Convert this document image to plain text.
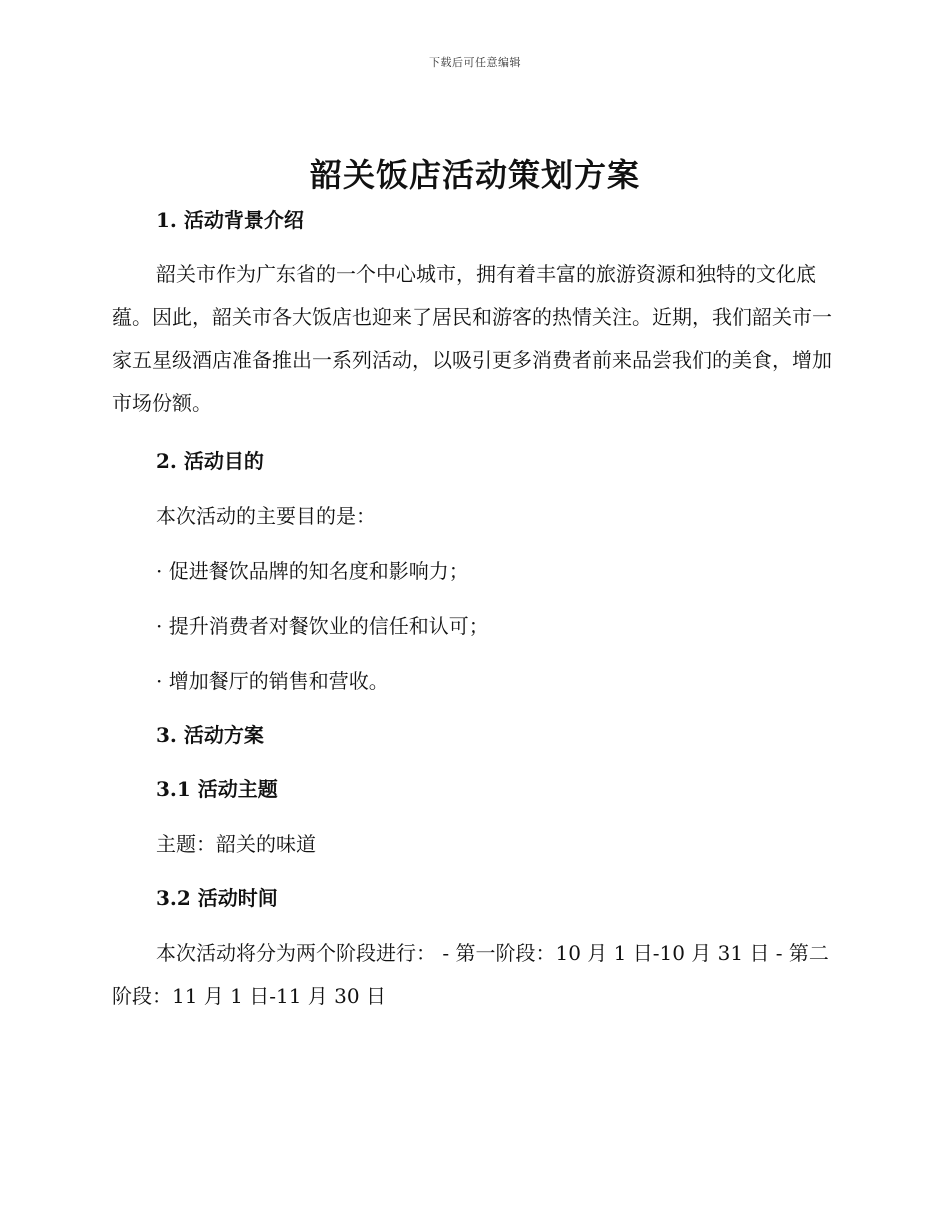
下载后可任意编辑
韶关饭店活动策划方案
1. 活动背景介绍

韶关市作为广东省的一个中心城市，拥有着丰富的旅游资源和独特的文化底蕴。因此，韶关市各大饭店也迎来了居民和游客的热情关注。近期，我们韶关市一家五星级酒店准备推出一系列活动，以吸引更多消费者前来品尝我们的美食，增加市场份额。

2. 活动目的

本次活动的主要目的是：

· 促进餐饮品牌的知名度和影响力；

· 提升消费者对餐饮业的信任和认可；

· 增加餐厅的销售和营收。

3. 活动方案
3.1 活动主题

主题：韶关的味道

3.2 活动时间

本次活动将分为两个阶段进行： - 第一阶段：10 月 1 日-10 月 31 日 - 第二阶段：11 月 1 日-11 月 30 日
